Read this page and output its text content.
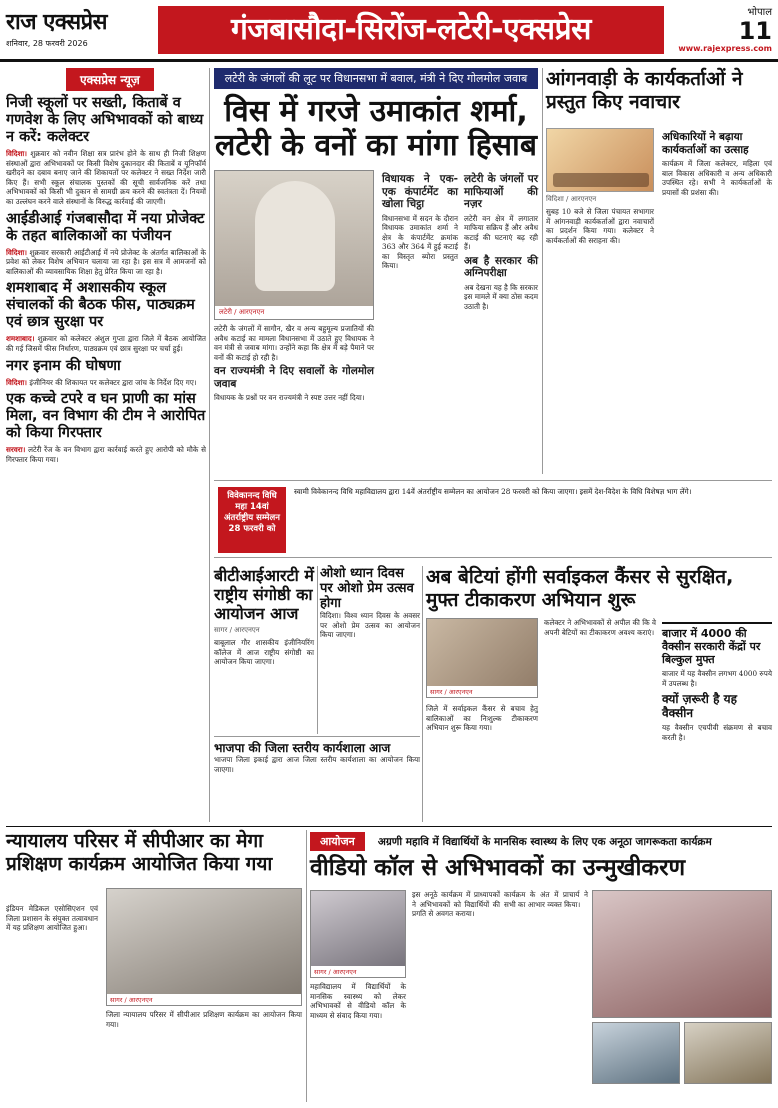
राज एक्सप्रेस
शनिवार, 28 फरवरी 2026	गंजबासौदा-सिरोंज-लटेरी-एक्सप्रेस	भोपाल
11
www.rajexpress.com
एक्सप्रेस न्यूज़
निजी स्कूलों पर सख्ती, किताबें व गणवेश के लिए अभिभावकों को बाध्य न करें: कलेक्टर
विदिशा। शुक्रवार को नवीन शिक्षा सत्र प्रारंभ होने के साथ ही निजी शिक्षण संस्थाओं द्वारा अभिभावकों पर किसी विशेष दुकानदार की किताबें व यूनिफॉर्म खरीदने का दबाव बनाए जाने की शिकायतों पर कलेक्टर ने सख्त निर्देश जारी किए हैं। सभी स्कूल संचालक पुस्तकों की सूची सार्वजनिक करें तथा अभिभावकों को किसी भी दुकान से सामग्री क्रय करने की स्वतंत्रता दें। नियमों का उल्लंघन करने वाले संस्थानों के विरुद्ध कार्रवाई की जाएगी।
आईडीआई गंजबासौदा में नया प्रोजेक्ट के तहत बालिकाओं का पंजीयन
विदिशा। शुक्रवार सरकारी आईटीआई में नये प्रोजेक्ट के अंतर्गत बालिकाओं के प्रवेश को लेकर विशेष अभियान चलाया जा रहा है। इस सत्र में आमजनों को बालिकाओं की व्यावसायिक शिक्षा हेतु प्रेरित किया जा रहा है।
शमशाबाद में अशासकीय स्कूल संचालकों की बैठक फीस, पाठ्यक्रम एवं छात्र सुरक्षा पर
शमशाबाद। शुक्रवार को कलेक्टर अंशुल गुप्ता द्वारा जिले में बैठक आयोजित की गई जिसमें फीस निर्धारण, पाठ्यक्रम एवं छात्र सुरक्षा पर चर्चा हुई।
नगर इनाम की घोषणा
विदिशा। इंजीनियर की शिकायत पर कलेक्टर द्वारा जांच के निर्देश दिए गए।
एक कच्चे टपरे व घन प्राणी का मांस मिला, वन विभाग की टीम ने आरोपित को किया गिरफ्तार
सरवरा। लटेरी रेंज के वन विभाग द्वारा कार्रवाई करते हुए आरोपी को मौके से गिरफ्तार किया गया।
लटेरी के जंगलों की लूट पर विधानसभा में बवाल, मंत्री ने दिए गोलमोल जवाब
विस में गरजे उमाकांत शर्मा, लटेरी के वनों का मांगा हिसाब
लटेरी / आरएनएन

लटेरी के जंगलों में सागौन, खैर व अन्य बहुमूल्य प्रजातियों की अवैध कटाई का मामला विधानसभा में उठाते हुए विधायक ने वन मंत्री से जवाब मांगा। उन्होंने कहा कि क्षेत्र में बड़े पैमाने पर वनों की कटाई हो रही है।

वन राज्यमंत्री ने दिए सवालों के गोलमोल जवाब

विधायक के प्रश्नों पर वन राज्यमंत्री ने स्पष्ट उत्तर नहीं दिया।

विधायक ने एक-एक कंपार्टमेंट का खोला चिट्ठा

विधानसभा में सदन के दौरान विधायक उमाकांत शर्मा ने क्षेत्र के कंपार्टमेंट क्रमांक 363 और 364 में हुई कटाई का विस्तृत ब्योरा प्रस्तुत किया।

लटेरी के जंगलों पर माफियाओं की नज़र

लटेरी वन क्षेत्र में लगातार माफिया सक्रिय हैं और अवैध कटाई की घटनाएं बढ़ रही हैं।

अब है सरकार की अग्निपरीक्षा

अब देखना यह है कि सरकार इस मामले में क्या ठोस कदम उठाती है।

आंगनवाड़ी के कार्यकर्ताओं ने प्रस्तुत किए नवाचार
विदिशा / आरएनएन
सुबह 10 बजे से जिला पंचायत सभागार में आंगनवाड़ी कार्यकर्ताओं द्वारा नवाचारों का प्रदर्शन किया गया। कलेक्टर ने कार्यकर्ताओं की सराहना की।
अधिकारियों ने बढ़ाया कार्यकर्ताओं का उत्साह
कार्यक्रम में जिला कलेक्टर, महिला एवं बाल विकास अधिकारी व अन्य अधिकारी उपस्थित रहे। सभी ने कार्यकर्ताओं के प्रयासों की प्रशंसा की।
विवेकानन्द विधि महा 14वां अंतर्राष्ट्रीय सम्मेलन 28 फरवरी को
स्वामी विवेकानन्द विधि महाविद्यालय द्वारा 14वें अंतर्राष्ट्रीय सम्मेलन का आयोजन 28 फरवरी को किया जाएगा। इसमें देश-विदेश के विधि विशेषज्ञ भाग लेंगे।
बीटीआईआरटी में राष्ट्रीय संगोष्ठी का आयोजन आज
सागर / आरएनएन
बाबूलाल गौर शासकीय इंजीनियरिंग कॉलेज में आज राष्ट्रीय संगोष्ठी का आयोजन किया जाएगा।
ओशो ध्यान दिवस पर ओशो प्रेम उत्सव होगा
विदिशा। विश्व ध्यान दिवस के अवसर पर ओशो प्रेम उत्सव का आयोजन किया जाएगा।
भाजपा की जिला स्तरीय कार्यशाला आज
भाजपा जिला इकाई द्वारा आज जिला स्तरीय कार्यशाला का आयोजन किया जाएगा।
अब बेटियां होंगी सर्वाइकल कैंसर से सुरक्षित, मुफ्त टीकाकरण अभियान शुरू
सागर / आरएनएन
जिले में सर्वाइकल कैंसर से बचाव हेतु बालिकाओं का निःशुल्क टीकाकरण अभियान शुरू किया गया।
कलेक्टर ने अभिभावकों से अपील की कि वे अपनी बेटियों का टीकाकरण अवश्य कराएं। बाजार में 4000 की वैक्सीन सरकारी केंद्रों पर बिल्कुल मुफ्त
बाजार में यह वैक्सीन लगभग 4000 रुपये में उपलब्ध है।
क्यों ज़रूरी है यह वैक्सीन
यह वैक्सीन एचपीवी संक्रमण से बचाव करती है।
न्यायालय परिसर में सीपीआर का मेगा प्रशिक्षण कार्यक्रम आयोजित किया गया
इंडियन मेडिकल एसोसिएशन एवं जिला प्रशासन के संयुक्त तत्वावधान में यह प्रशिक्षण आयोजित हुआ।
सागर / आरएनएन
जिला न्यायालय परिसर में सीपीआर प्रशिक्षण कार्यक्रम का आयोजन किया गया।
आयोजन अग्रणी महावि में विद्यार्थियों के मानसिक स्वास्थ्य के लिए एक अनूठा जागरूकता कार्यक्रम
वीडियो कॉल से अभिभावकों का उन्मुखीकरण
सागर / आरएनएन
महाविद्यालय में विद्यार्थियों के मानसिक स्वास्थ्य को लेकर अभिभावकों से वीडियो कॉल के माध्यम से संवाद किया गया।
इस अनूठे कार्यक्रम में प्राध्यापकों ने अभिभावकों को विद्यार्थियों की प्रगति से अवगत कराया।
कार्यक्रम के अंत में प्राचार्य ने सभी का आभार व्यक्त किया।
